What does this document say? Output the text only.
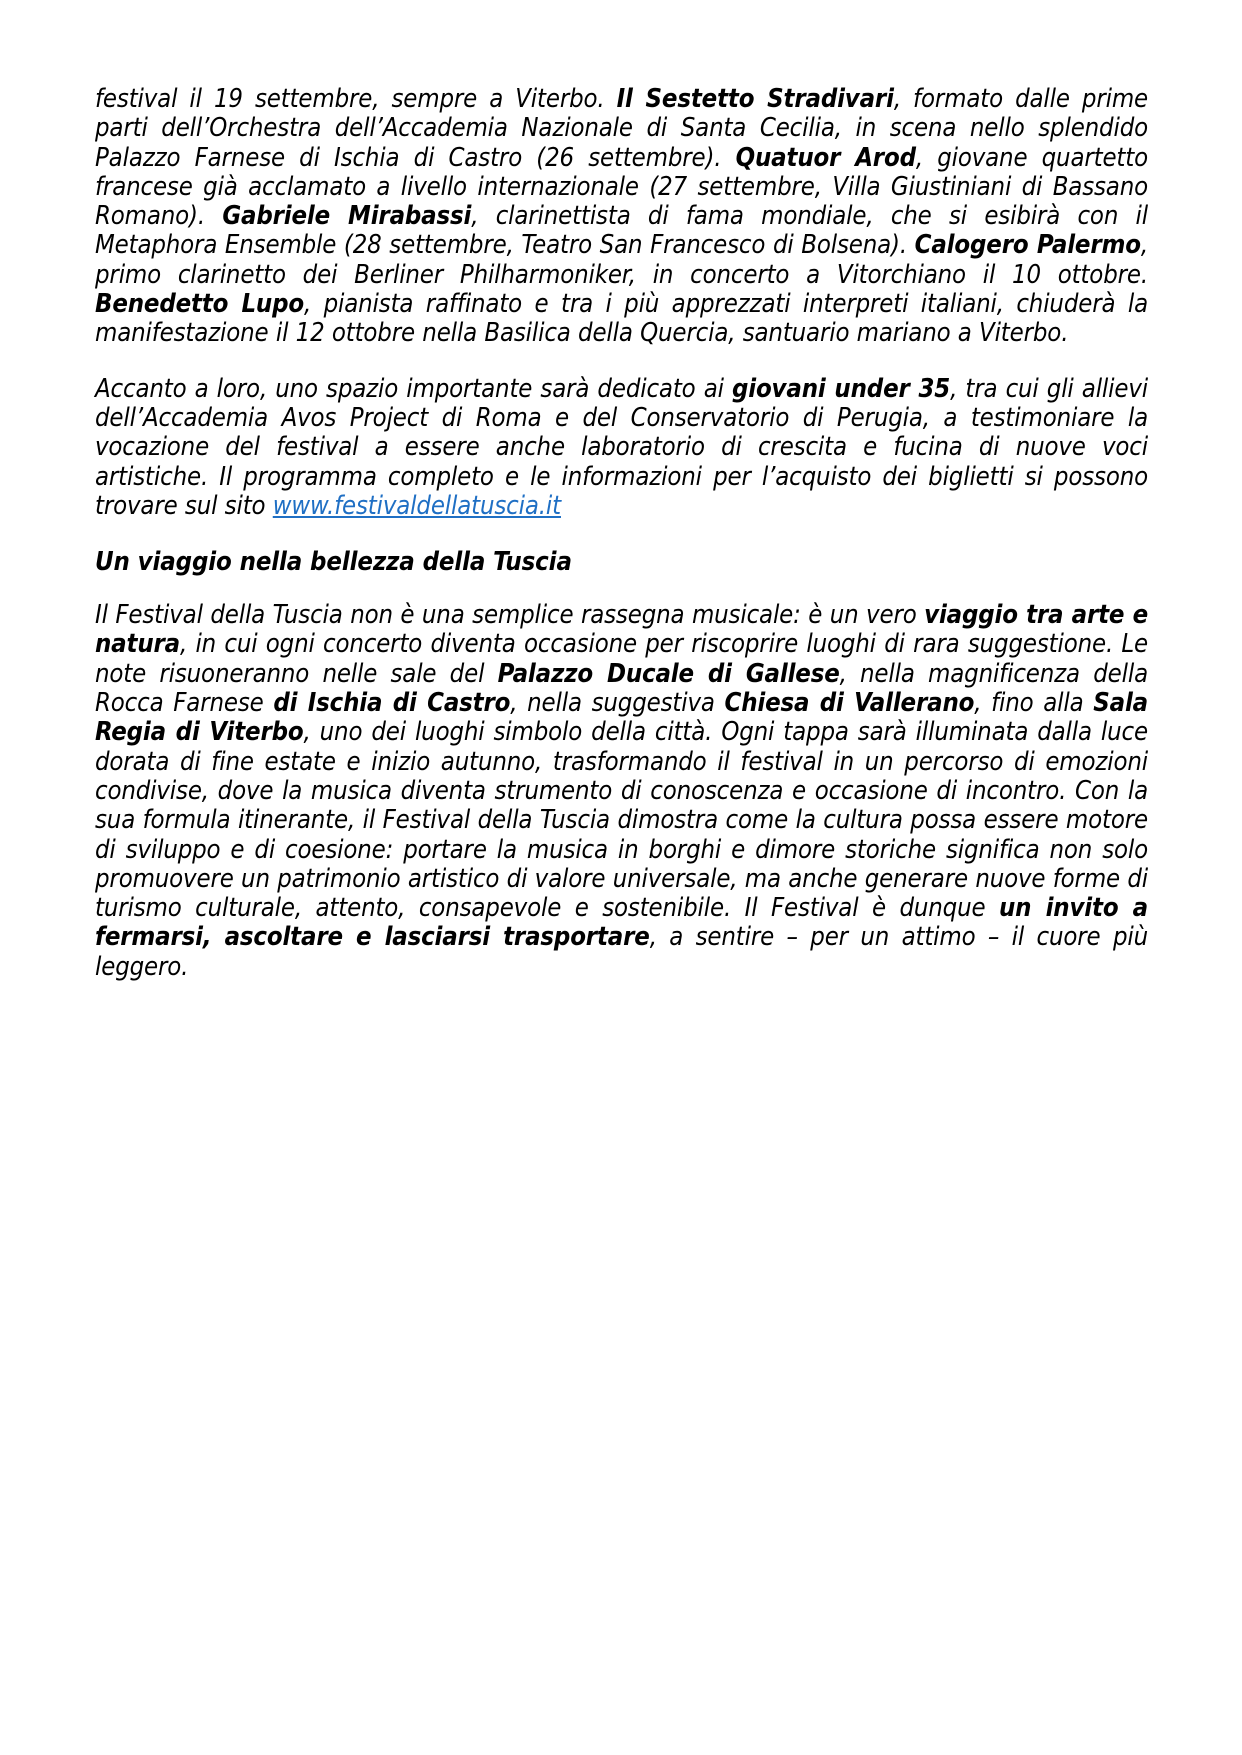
festival il 19 settembre, sempre a Viterbo. Il Sestetto Stradivari, formato dalle prime parti dell’Orchestra dell’Accademia Nazionale di Santa Cecilia, in scena nello splendido Palazzo Farnese di Ischia di Castro (26 settembre). Quatuor Arod, giovane quartetto francese già acclamato a livello internazionale (27 settembre, Villa Giustiniani di Bassano Romano). Gabriele Mirabassi, clarinettista di fama mondiale, che si esibirà con il Metaphora Ensemble (28 settembre, Teatro San Francesco di Bolsena). Calogero Palermo, primo clarinetto dei Berliner Philharmoniker, in concerto a Vitorchiano il 10 ottobre. Benedetto Lupo, pianista raffinato e tra i più apprezzati interpreti italiani, chiuderà la manifestazione il 12 ottobre nella Basilica della Quercia, santuario mariano a Viterbo.

Accanto a loro, uno spazio importante sarà dedicato ai giovani under 35, tra cui gli allievi dell’Accademia Avos Project di Roma e del Conservatorio di Perugia, a testimoniare la vocazione del festival a essere anche laboratorio di crescita e fucina di nuove voci artistiche. Il programma completo e le informazioni per l’acquisto dei biglietti si possono trovare sul sito www.festivaldellatuscia.it

Un viaggio nella bellezza della Tuscia

Il Festival della Tuscia non è una semplice rassegna musicale: è un vero viaggio tra arte e natura, in cui ogni concerto diventa occasione per riscoprire luoghi di rara suggestione. Le note risuoneranno nelle sale del Palazzo Ducale di Gallese, nella magnificenza della Rocca Farnese di Ischia di Castro, nella suggestiva Chiesa di Vallerano, fino alla Sala Regia di Viterbo, uno dei luoghi simbolo della città. Ogni tappa sarà illuminata dalla luce dorata di fine estate e inizio autunno, trasformando il festival in un percorso di emozioni condivise, dove la musica diventa strumento di conoscenza e occasione di incontro. Con la sua formula itinerante, il Festival della Tuscia dimostra come la cultura possa essere motore di sviluppo e di coesione: portare la musica in borghi e dimore storiche significa non solo promuovere un patrimonio artistico di valore universale, ma anche generare nuove forme di turismo culturale, attento, consapevole e sostenibile. Il Festival è dunque un invito a fermarsi, ascoltare e lasciarsi trasportare, a sentire – per un attimo – il cuore più leggero.
